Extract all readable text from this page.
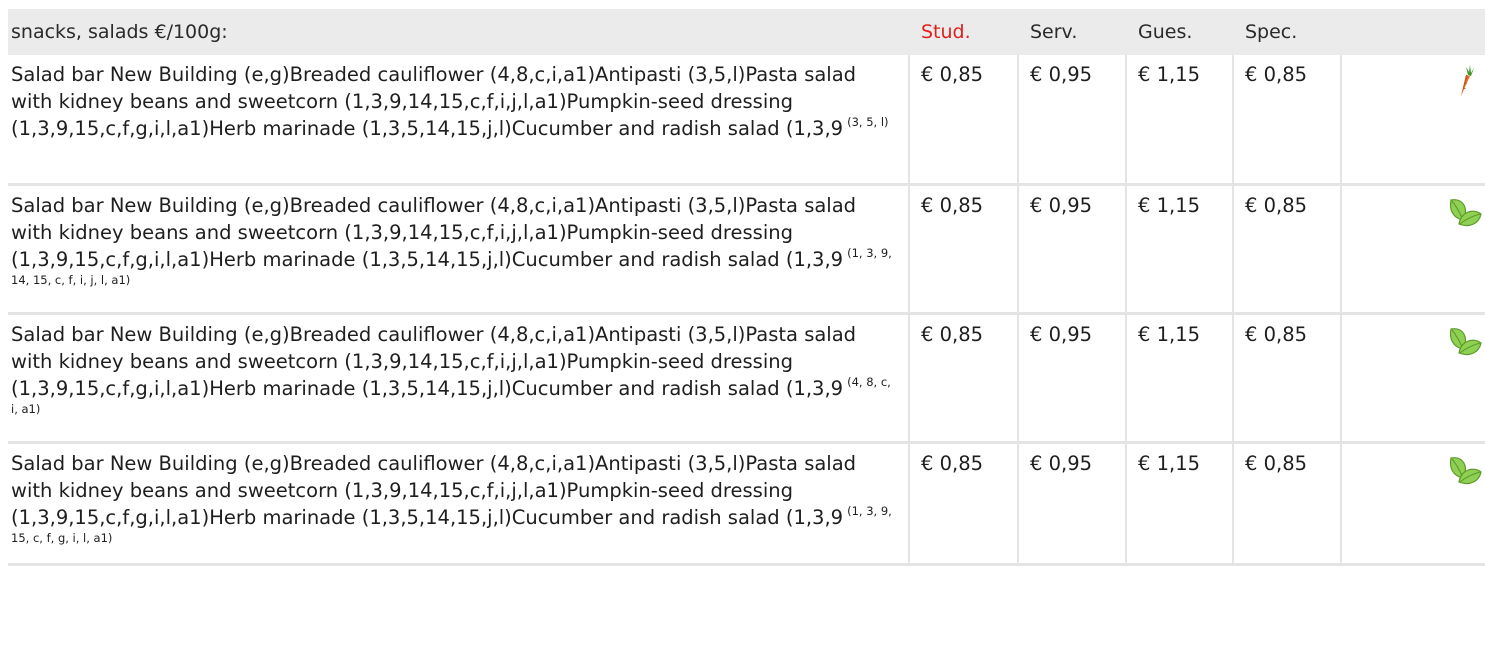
snacks, salads €/100g:	Stud.	Serv.	Gues.	Spec.	
Salad bar New Building (e,g)Breaded cauliflower (4,8,c,i,a1)Antipasti (3,5,l)Pasta salad with kidney beans and sweetcorn (1,3,9,14,15,c,f,i,j,l,a1)Pumpkin-seed dressing (1,3,9,15,c,f,g,i,l,a1)Herb marinade (1,3,5,14,15,j,l)Cucumber and radish salad (1,3,9 $^{(3, 5, l)}$	€ 0,85	€ 0,95	€ 1,15	€ 0,85	

Salad bar New Building (e,g)Breaded cauliflower (4,8,c,i,a1)Antipasti (3,5,l)Pasta salad with kidney beans and sweetcorn (1,3,9,14,15,c,f,i,j,l,a1)Pumpkin-seed dressing (1,3,9,15,c,f,g,i,l,a1)Herb marinade (1,3,5,14,15,j,l)Cucumber and radish salad (1,3,9 $^{(1, 3, 9, 14, 15, c, f, i, j, l, a1)}$	€ 0,85	€ 0,95	€ 1,15	€ 0,85	

Salad bar New Building (e,g)Breaded cauliflower (4,8,c,i,a1)Antipasti (3,5,l)Pasta salad with kidney beans and sweetcorn (1,3,9,14,15,c,f,i,j,l,a1)Pumpkin-seed dressing (1,3,9,15,c,f,g,i,l,a1)Herb marinade (1,3,5,14,15,j,l)Cucumber and radish salad (1,3,9 $^{(4, 8, c, i, a1)}$	€ 0,85	€ 0,95	€ 1,15	€ 0,85	

Salad bar New Building (e,g)Breaded cauliflower (4,8,c,i,a1)Antipasti (3,5,l)Pasta salad with kidney beans and sweetcorn (1,3,9,14,15,c,f,i,j,l,a1)Pumpkin-seed dressing (1,3,9,15,c,f,g,i,l,a1)Herb marinade (1,3,5,14,15,j,l)Cucumber and radish salad (1,3,9 $^{(1, 3, 9, 15, c, f, g, i, l, a1)}$	€ 0,85	€ 0,95	€ 1,15	€ 0,85	
